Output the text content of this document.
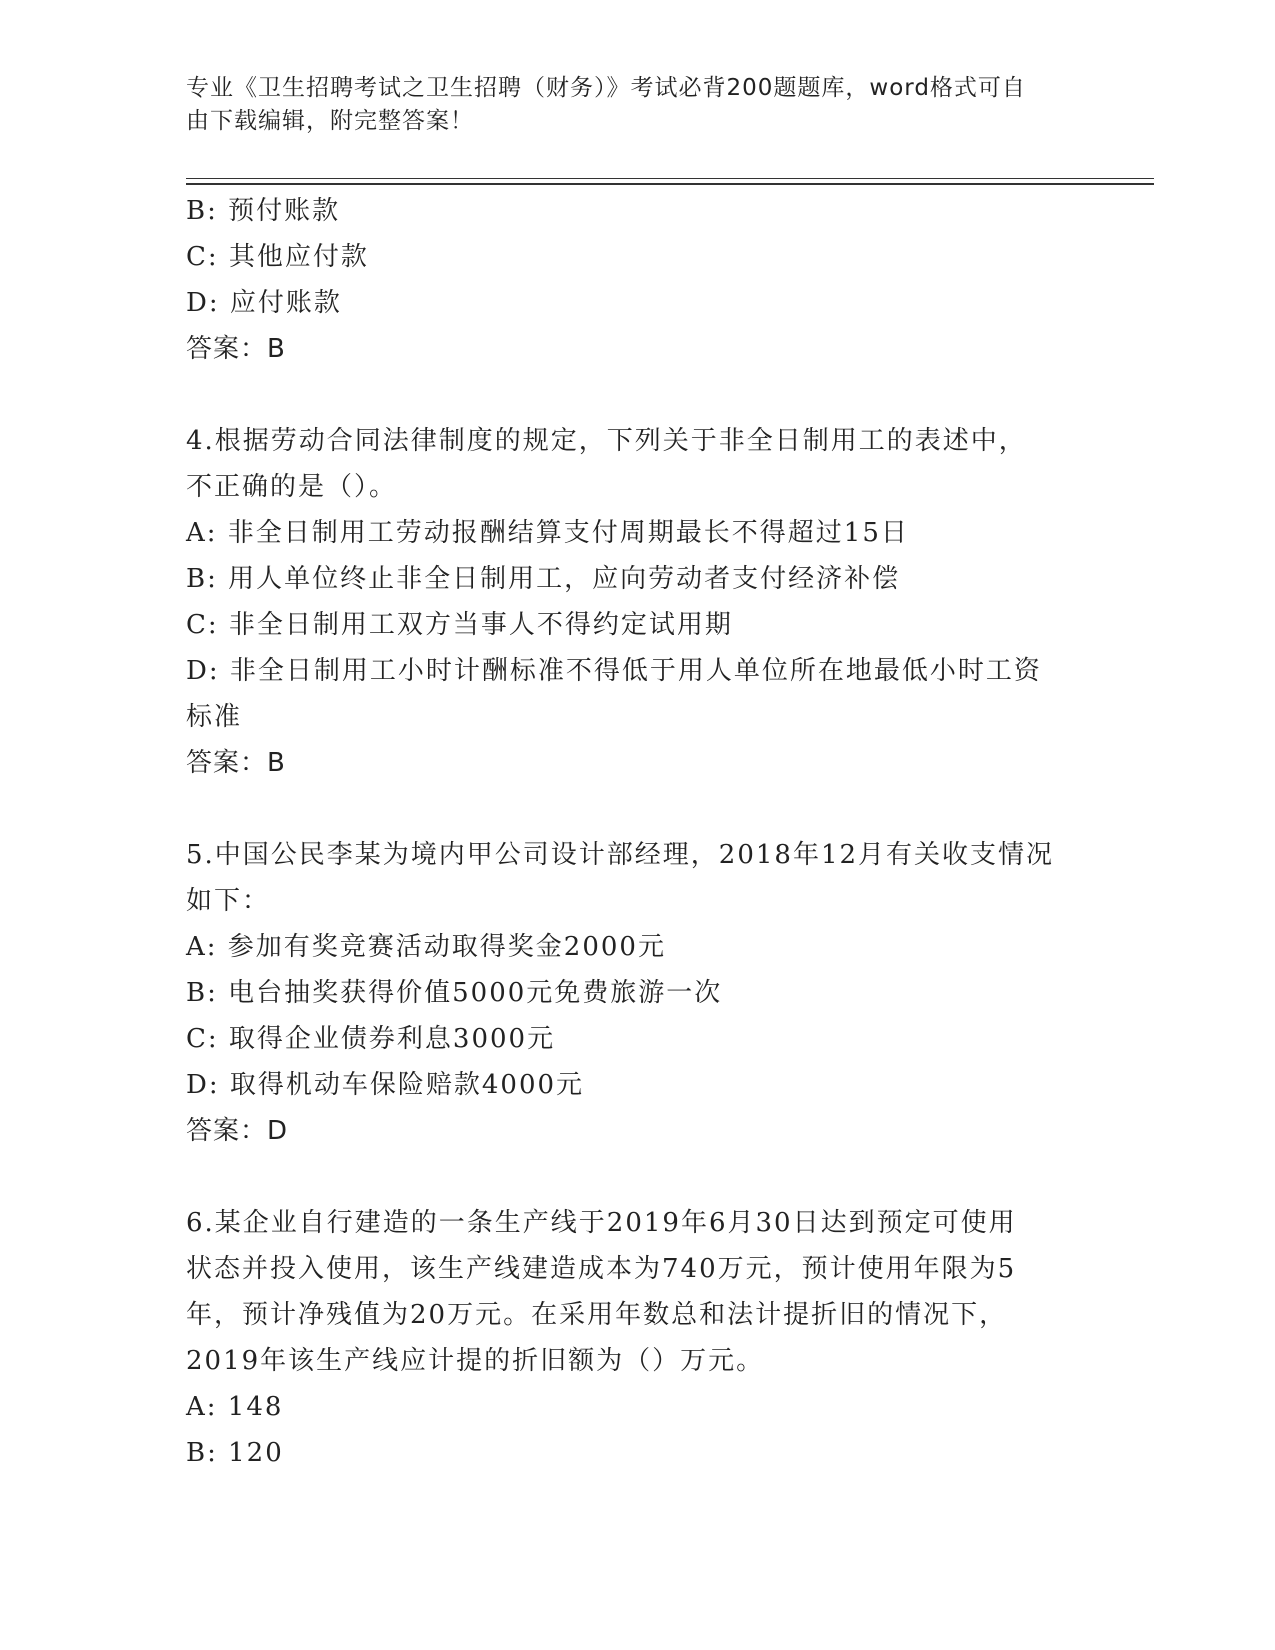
专业《卫生招聘考试之卫生招聘（财务）》考试必背200题题库，word格式可自
由下载编辑，附完整答案！
B: 预付账款
C: 其他应付款
D: 应付账款
答案：B
4.根据劳动合同法律制度的规定，下列关于非全日制用工的表述中，
不正确的是（）。
A: 非全日制用工劳动报酬结算支付周期最长不得超过15日
B: 用人单位终止非全日制用工，应向劳动者支付经济补偿
C: 非全日制用工双方当事人不得约定试用期
D: 非全日制用工小时计酬标准不得低于用人单位所在地最低小时工资
标准
答案：B
5.中国公民李某为境内甲公司设计部经理，2018年12月有关收支情况
如下：
A: 参加有奖竞赛活动取得奖金2000元
B: 电台抽奖获得价值5000元免费旅游一次
C: 取得企业债券利息3000元
D: 取得机动车保险赔款4000元
答案：D
6.某企业自行建造的一条生产线于2019年6月30日达到预定可使用
状态并投入使用，该生产线建造成本为740万元，预计使用年限为5
年，预计净残值为20万元。在采用年数总和法计提折旧的情况下，
2019年该生产线应计提的折旧额为（）万元。
A: 148
B: 120
